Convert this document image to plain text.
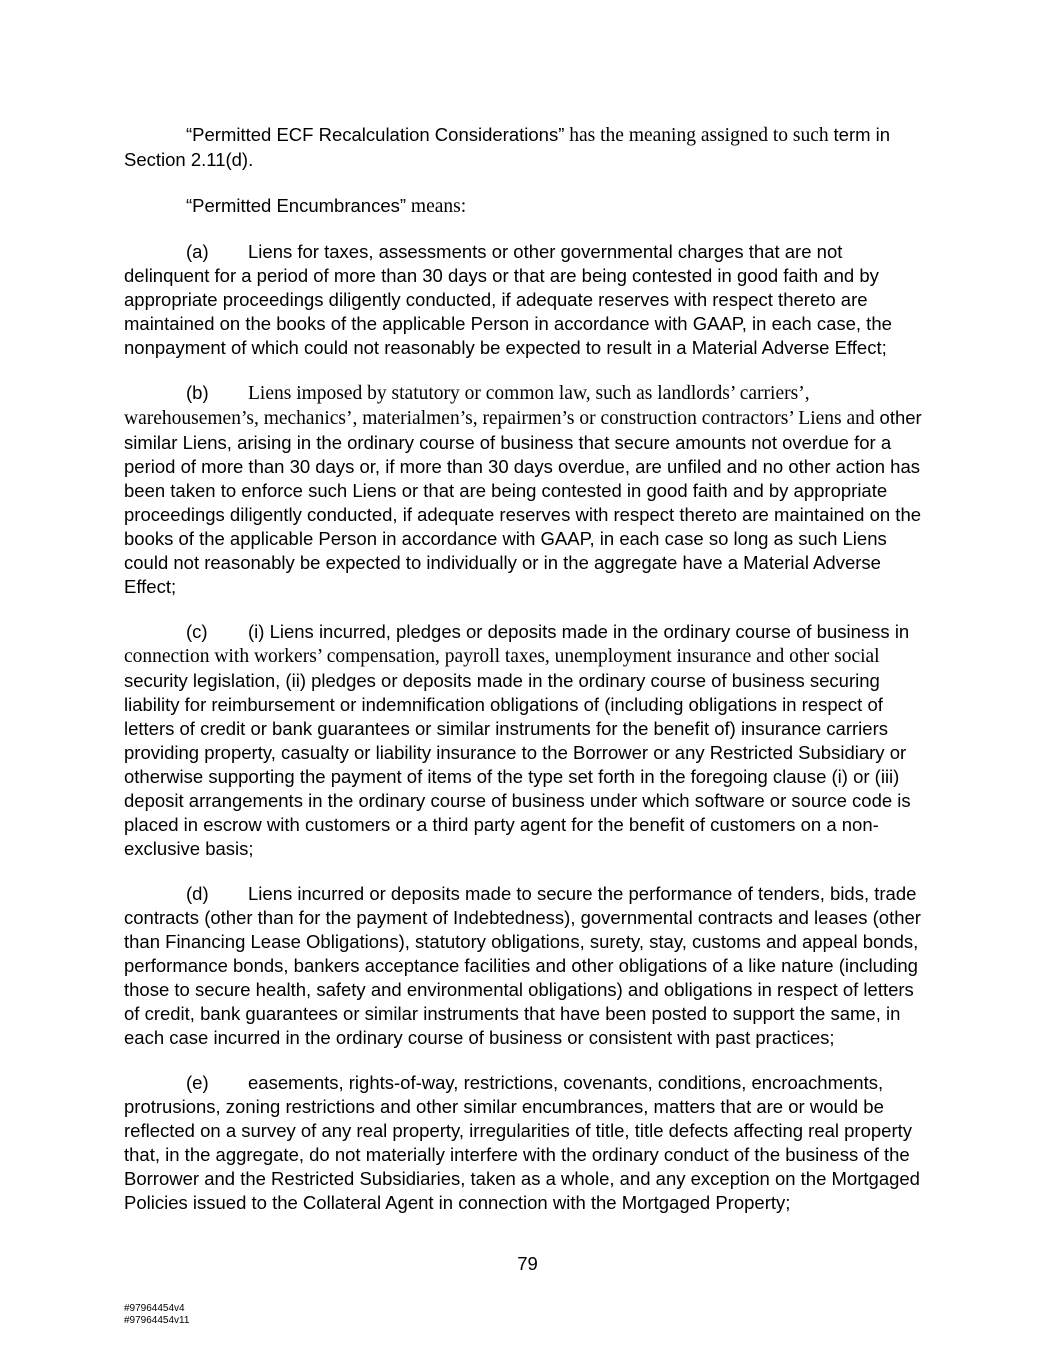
“Permitted ECF Recalculation Considerations” has the meaning assigned to such term in Section 2.11(d).

“Permitted Encumbrances” means:

(a) Liens for taxes, assessments or other governmental charges that are not delinquent for a period of more than 30 days or that are being contested in good faith and by appropriate proceedings diligently conducted, if adequate reserves with respect thereto are maintained on the books of the applicable Person in accordance with GAAP, in each case, the nonpayment of which could not reasonably be expected to result in a Material Adverse Effect;

(b) Liens imposed by statutory or common law, such as landlords’ carriers’, warehousemen’s, mechanics’, materialmen’s, repairmen’s or construction contractors’ Liens and other similar Liens, arising in the ordinary course of business that secure amounts not overdue for a period of more than 30 days or, if more than 30 days overdue, are unfiled and no other action has been taken to enforce such Liens or that are being contested in good faith and by appropriate proceedings diligently conducted, if adequate reserves with respect thereto are maintained on the books of the applicable Person in accordance with GAAP, in each case so long as such Liens could not reasonably be expected to individually or in the aggregate have a Material Adverse Effect;

(c) (i) Liens incurred, pledges or deposits made in the ordinary course of business in connection with workers’ compensation, payroll taxes, unemployment insurance and other social security legislation, (ii) pledges or deposits made in the ordinary course of business securing liability for reimbursement or indemnification obligations of (including obligations in respect of letters of credit or bank guarantees or similar instruments for the benefit of) insurance carriers providing property, casualty or liability insurance to the Borrower or any Restricted Subsidiary or otherwise supporting the payment of items of the type set forth in the foregoing clause (i) or (iii) deposit arrangements in the ordinary course of business under which software or source code is placed in escrow with customers or a third party agent for the benefit of customers on a non-exclusive basis;

(d) Liens incurred or deposits made to secure the performance of tenders, bids, trade contracts (other than for the payment of Indebtedness), governmental contracts and leases (other than Financing Lease Obligations), statutory obligations, surety, stay, customs and appeal bonds, performance bonds, bankers acceptance facilities and other obligations of a like nature (including those to secure health, safety and environmental obligations) and obligations in respect of letters of credit, bank guarantees or similar instruments that have been posted to support the same, in each case incurred in the ordinary course of business or consistent with past practices;

(e) easements, rights-of-way, restrictions, covenants, conditions, encroachments, protrusions, zoning restrictions and other similar encumbrances, matters that are or would be reflected on a survey of any real property, irregularities of title, title defects affecting real property that, in the aggregate, do not materially interfere with the ordinary conduct of the business of the Borrower and the Restricted Subsidiaries, taken as a whole, and any exception on the Mortgaged Policies issued to the Collateral Agent in connection with the Mortgaged Property;

79
#97964454v4
#97964454v11
